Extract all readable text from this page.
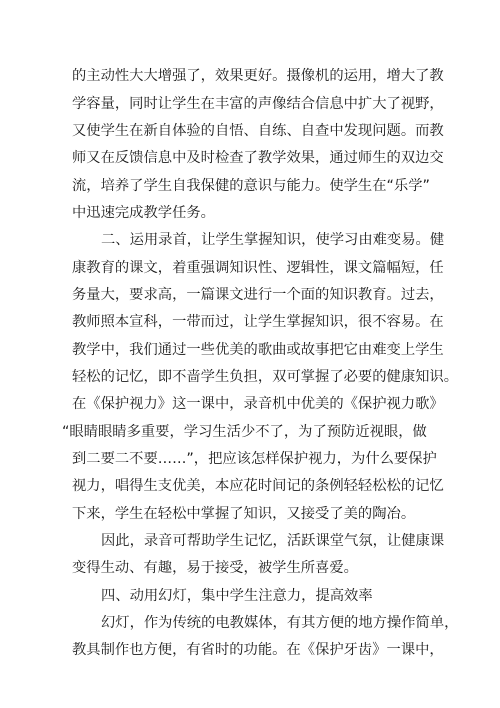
的主动性大大增强了，效果更好。摄像机的运用，增大了教
学容量，同时让学生在丰富的声像结合信息中扩大了视野，
又使学生在新自体验的自悟、自练、自查中发现问题。而教
师又在反馈信息中及时检查了教学效果，通过师生的双边交
流，培养了学生自我保健的意识与能力。使学生在“乐学”
中迅速完成教学任务。
二、运用录首，让学生掌握知识，使学习由难变易。健
康教育的课文，着重强调知识性、逻辑性，课文篇幅短，任
务量大，要求高，一篇课文进行一个面的知识教育。过去，
教师照本宣科，一带而过，让学生掌握知识，很不容易。在
教学中，我们通过一些优美的歌曲或故事把它由难变上学生
轻松的记忆，即不啬学生负担，双可掌握了必要的健康知识。
在《保护视力》这一课中，录音机中优美的《保护视力歌》
“眼睛眼睛多重要，学习生活少不了，为了预防近视眼，做
到二要二不要……”，把应该怎样保护视力，为什么要保护
视力，唱得生支优美，本应花时间记的条例轻轻松松的记忆
下来，学生在轻松中掌握了知识，又接受了美的陶冶。
因此，录音可帮助学生记忆，活跃课堂气氛，让健康课
变得生动、有趣，易于接受，被学生所喜爱。
四、动用幻灯，集中学生注意力，提高效率
幻灯，作为传统的电教媒体，有其方便的地方操作简单，
教具制作也方便，有省时的功能。在《保护牙齿》一课中，
